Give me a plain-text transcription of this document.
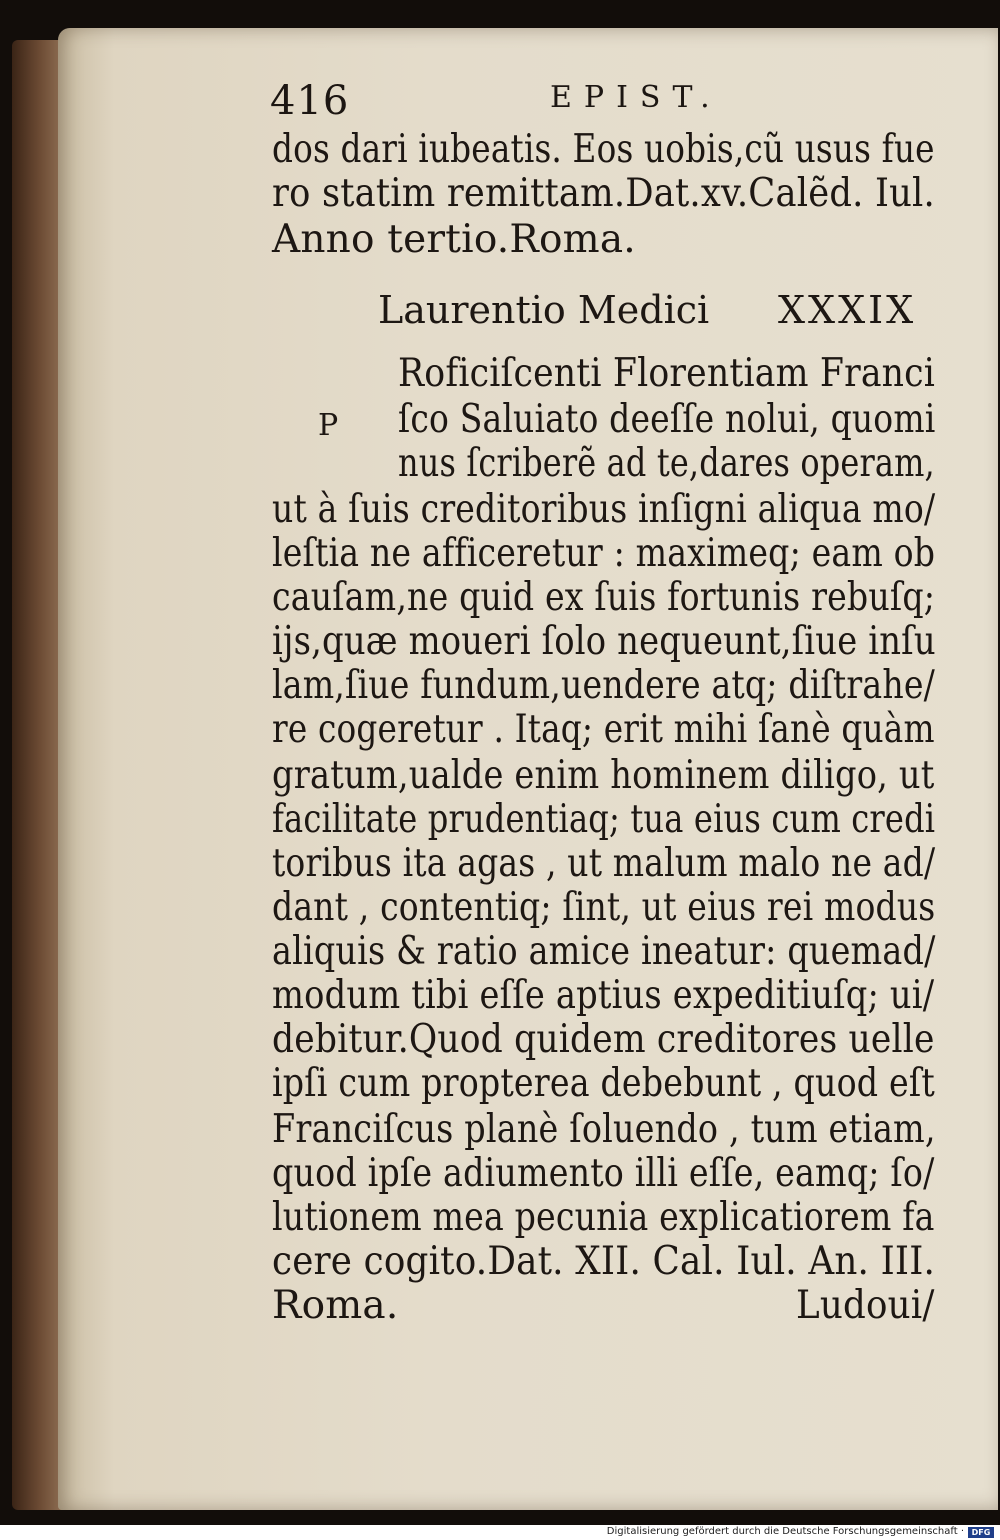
416	EPIST.
dos dari iubeatis. Eos uobis,cũ usus fue
ro statim remittam.Dat.xv.Calẽd. Iul.
Anno tertio.Roma.
Laurentio Medici XXXIX
P
Roficiſcenti Florentiam Franci
ſco Saluiato deeſſe nolui, quomi
nus ſcriberẽ ad te,dares operam,
ut à ſuis creditoribus inſigni aliqua mo/
leſtia ne afficeretur : maximeq; eam ob
cauſam,ne quid ex ſuis fortunis rebuſq;
ijs,quæ moueri ſolo nequeunt,ſiue inſu
lam,ſiue fundum,uendere atq; diſtrahe/
re cogeretur . Itaq; erit mihi ſanè quàm
gratum,ualde enim hominem diligo, ut
facilitate prudentiaq; tua eius cum credi
toribus ita agas , ut malum malo ne ad/
dant , contentiq; ſint, ut eius rei modus
aliquis & ratio amice ineatur: quemad/
modum tibi eſſe aptius expeditiuſq; ui/
debitur.Quod quidem creditores uelle
ipſi cum propterea debebunt , quod eſt
Franciſcus planè ſoluendo , tum etiam,
quod ipſe adiumento illi eſſe, eamq; ſo/
lutionem mea pecunia explicatiorem fa
cere cogito.Dat. XII. Cal. Iul. An. III.
Roma.	Ludoui/
Digitalisierung gefördert durch die Deutsche Forschungsgemeinschaft · DFG
